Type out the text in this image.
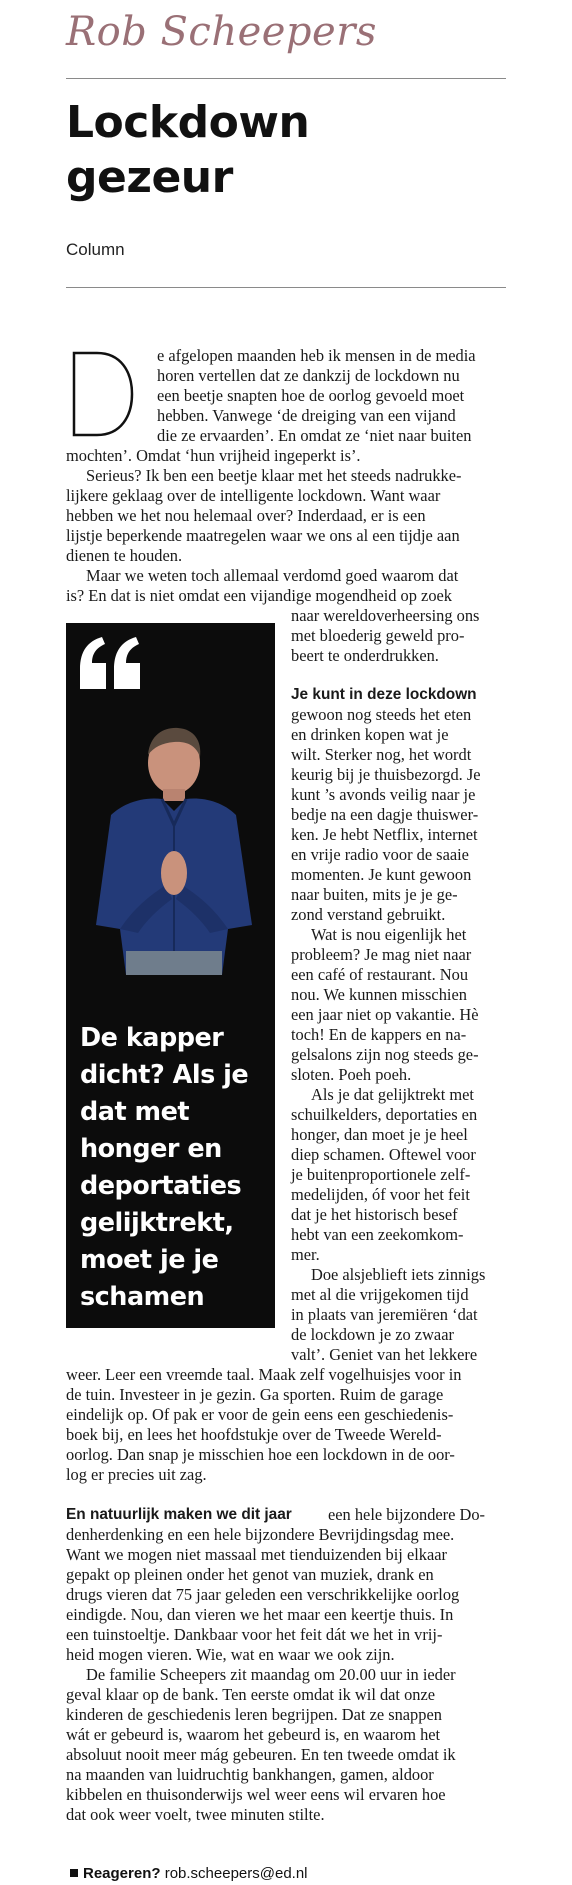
Rob Scheepers
Lockdown
gezeur
Column
e afgelopen maanden heb ik mensen in de media
horen vertellen dat ze dankzij de lockdown nu
een beetje snapten hoe de oorlog gevoeld moet
hebben. Vanwege ‘de dreiging van een vijand
die ze ervaarden’. En omdat ze ‘niet naar buiten
mochten’. Omdat ‘hun vrijheid ingeperkt is’.
Serieus? Ik ben een beetje klaar met het steeds nadrukke-
lijkere geklaag over de intelligente lockdown. Want waar
hebben we het nou helemaal over? Inderdaad, er is een
lijstje beperkende maatregelen waar we ons al een tijdje aan
dienen te houden.
Maar we weten toch allemaal verdomd goed waarom dat
is? En dat is niet omdat een vijandige mogendheid op zoek
naar wereldoverheersing ons
met bloederig geweld pro-
beert te onderdrukken.
Je kunt in deze lockdown
gewoon nog steeds het eten
en drinken kopen wat je
wilt. Sterker nog, het wordt
keurig bij je thuisbezorgd. Je
kunt ’s avonds veilig naar je
bedje na een dagje thuiswer-
ken. Je hebt Netflix, internet
en vrije radio voor de saaie
momenten. Je kunt gewoon
naar buiten, mits je je ge-
zond verstand gebruikt.
Wat is nou eigenlijk het
probleem? Je mag niet naar
een café of restaurant. Nou
nou. We kunnen misschien
een jaar niet op vakantie. Hè
toch! En de kappers en na-
gelsalons zijn nog steeds ge-
sloten. Poeh poeh.
Als je dat gelijktrekt met
schuilkelders, deportaties en
honger, dan moet je je heel
diep schamen. Oftewel voor
je buitenproportionele zelf-
medelijden, óf voor het feit
dat je het historisch besef
hebt van een zeekomkom-
mer.
Doe alsjeblieft iets zinnigs
met al die vrijgekomen tijd
in plaats van jeremiëren ‘dat
de lockdown je zo zwaar
valt’. Geniet van het lekkere
weer. Leer een vreemde taal. Maak zelf vogelhuisjes voor in
de tuin. Investeer in je gezin. Ga sporten. Ruim de garage
eindelijk op. Of pak er voor de gein eens een geschiedenis-
boek bij, en lees het hoofdstukje over de Tweede Wereld-
oorlog. Dan snap je misschien hoe een lockdown in de oor-
log er precies uit zag.
En natuurlijk maken we dit jaar een hele bijzondere Do-
denherdenking en een hele bijzondere Bevrijdingsdag mee.
Want we mogen niet massaal met tienduizenden bij elkaar
gepakt op pleinen onder het genot van muziek, drank en
drugs vieren dat 75 jaar geleden een verschrikkelijke oorlog
eindigde. Nou, dan vieren we het maar een keertje thuis. In
een tuinstoeltje. Dankbaar voor het feit dát we het in vrij-
heid mogen vieren. Wie, wat en waar we ook zijn.
De familie Scheepers zit maandag om 20.00 uur in ieder
geval klaar op de bank. Ten eerste omdat ik wil dat onze
kinderen de geschiedenis leren begrijpen. Dat ze snappen
wát er gebeurd is, waarom het gebeurd is, en waarom het
absoluut nooit meer mág gebeuren. En ten tweede omdat ik
na maanden van luidruchtig bankhangen, gamen, aldoor
kibbelen en thuisonderwijs wel weer eens wil ervaren hoe
dat ook weer voelt, twee minuten stilte.
De kapper
dicht? Als je
dat met
honger en
deportaties
gelijktrekt,
moet je je
schamen
Reageren? rob.scheepers@ed.nl
